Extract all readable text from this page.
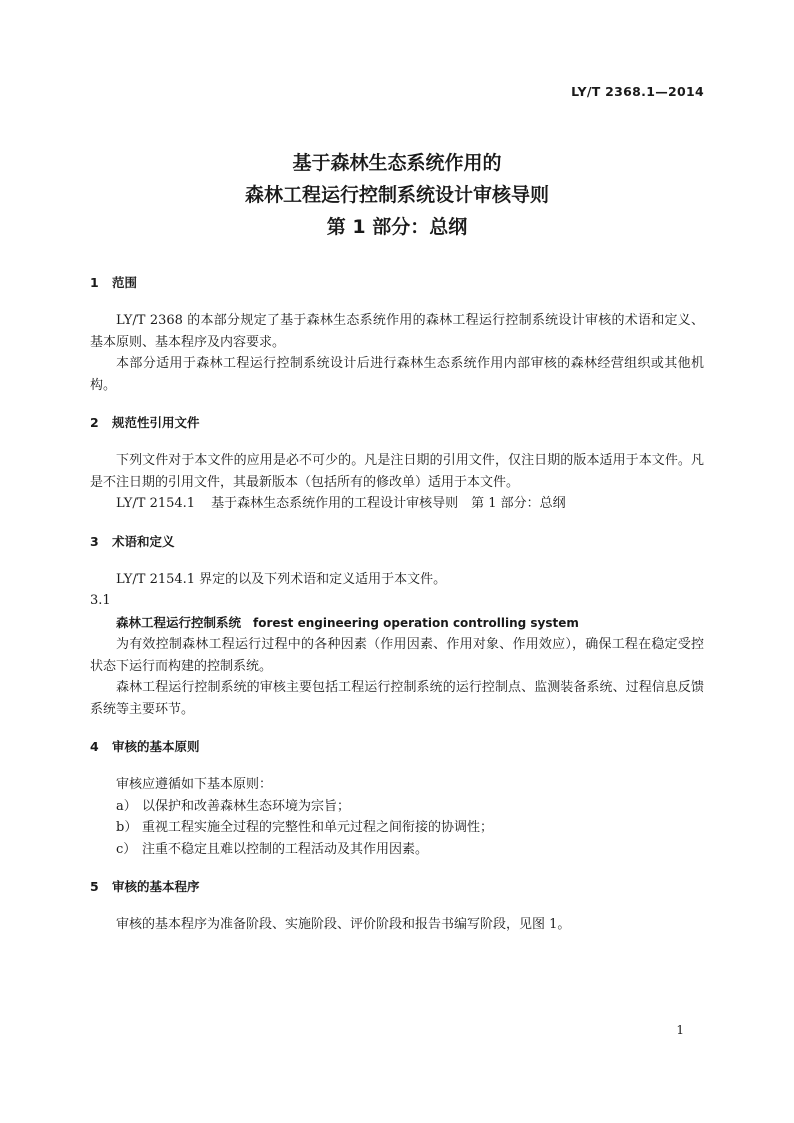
LY/T 2368.1—2014
基于森林生态系统作用的
森林工程运行控制系统设计审核导则
第 1 部分：总纲
1 范围

LY/T 2368 的本部分规定了基于森林生态系统作用的森林工程运行控制系统设计审核的术语和定义、基本原则、基本程序及内容要求。

本部分适用于森林工程运行控制系统设计后进行森林生态系统作用内部审核的森林经营组织或其他机构。

2 规范性引用文件

下列文件对于本文件的应用是必不可少的。凡是注日期的引用文件，仅注日期的版本适用于本文件。凡是不注日期的引用文件，其最新版本（包括所有的修改单）适用于本文件。

LY/T 2154.1 基于森林生态系统作用的工程设计审核导则　第 1 部分：总纲

3 术语和定义

LY/T 2154.1 界定的以及下列术语和定义适用于本文件。

3.1

森林工程运行控制系统 forest engineering operation controlling system

为有效控制森林工程运行过程中的各种因素（作用因素、作用对象、作用效应），确保工程在稳定受控状态下运行而构建的控制系统。

森林工程运行控制系统的审核主要包括工程运行控制系统的运行控制点、监测装备系统、过程信息反馈系统等主要环节。

4 审核的基本原则

审核应遵循如下基本原则：

a） 以保护和改善森林生态环境为宗旨；

b） 重视工程实施全过程的完整性和单元过程之间衔接的协调性；

c） 注重不稳定且难以控制的工程活动及其作用因素。

5 审核的基本程序

审核的基本程序为准备阶段、实施阶段、评价阶段和报告书编写阶段，见图 1。

1
